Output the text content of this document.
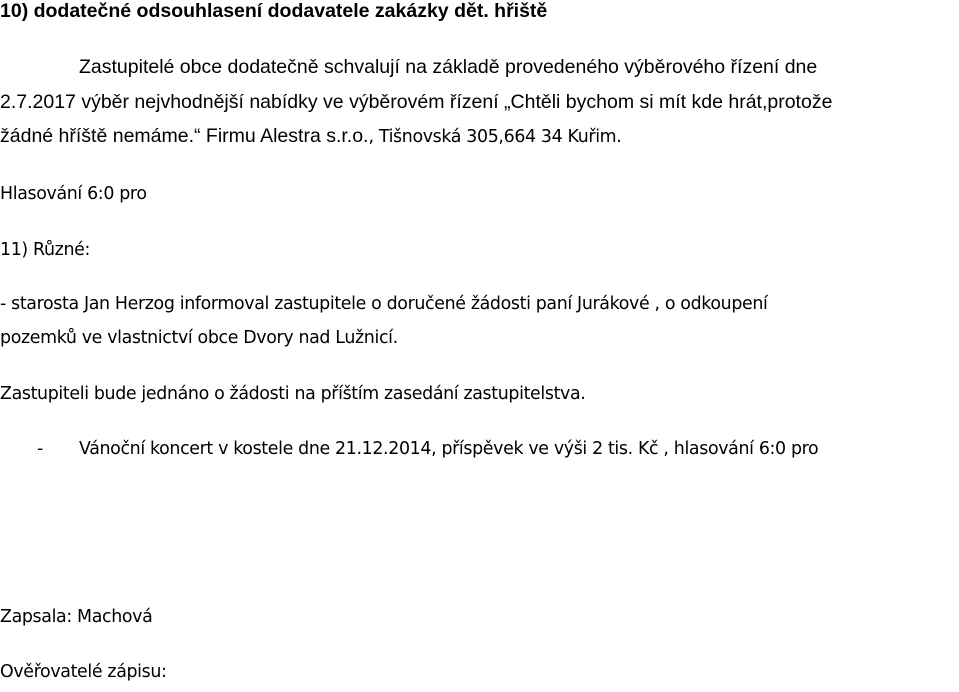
10) dodatečné odsouhlasení dodavatele zakázky dět. hřiště
Zastupitelé obce dodatečně schvalují na základě provedeného výběrového řízení dne
2.7.2017 výběr nejvhodnější nabídky ve výběrovém řízení „Chtěli bychom si mít kde hrát,protože
žádné hříště nemáme.“ Firmu Alestra s.r.o., Tišnovská 305,664 34 Kuřim.
Hlasování 6:0 pro
11) Různé:
- starosta Jan Herzog informoval zastupitele o doručené žádosti paní Jurákové , o odkoupení
pozemků ve vlastnictví obce Dvory nad Lužnicí.
Zastupiteli bude jednáno o žádosti na příštím zasedání zastupitelstva.
- Vánoční koncert v kostele dne 21.12.2014, příspěvek ve výši 2 tis. Kč , hlasování 6:0 pro
Zapsala: Machová
Ověřovatelé zápisu:
